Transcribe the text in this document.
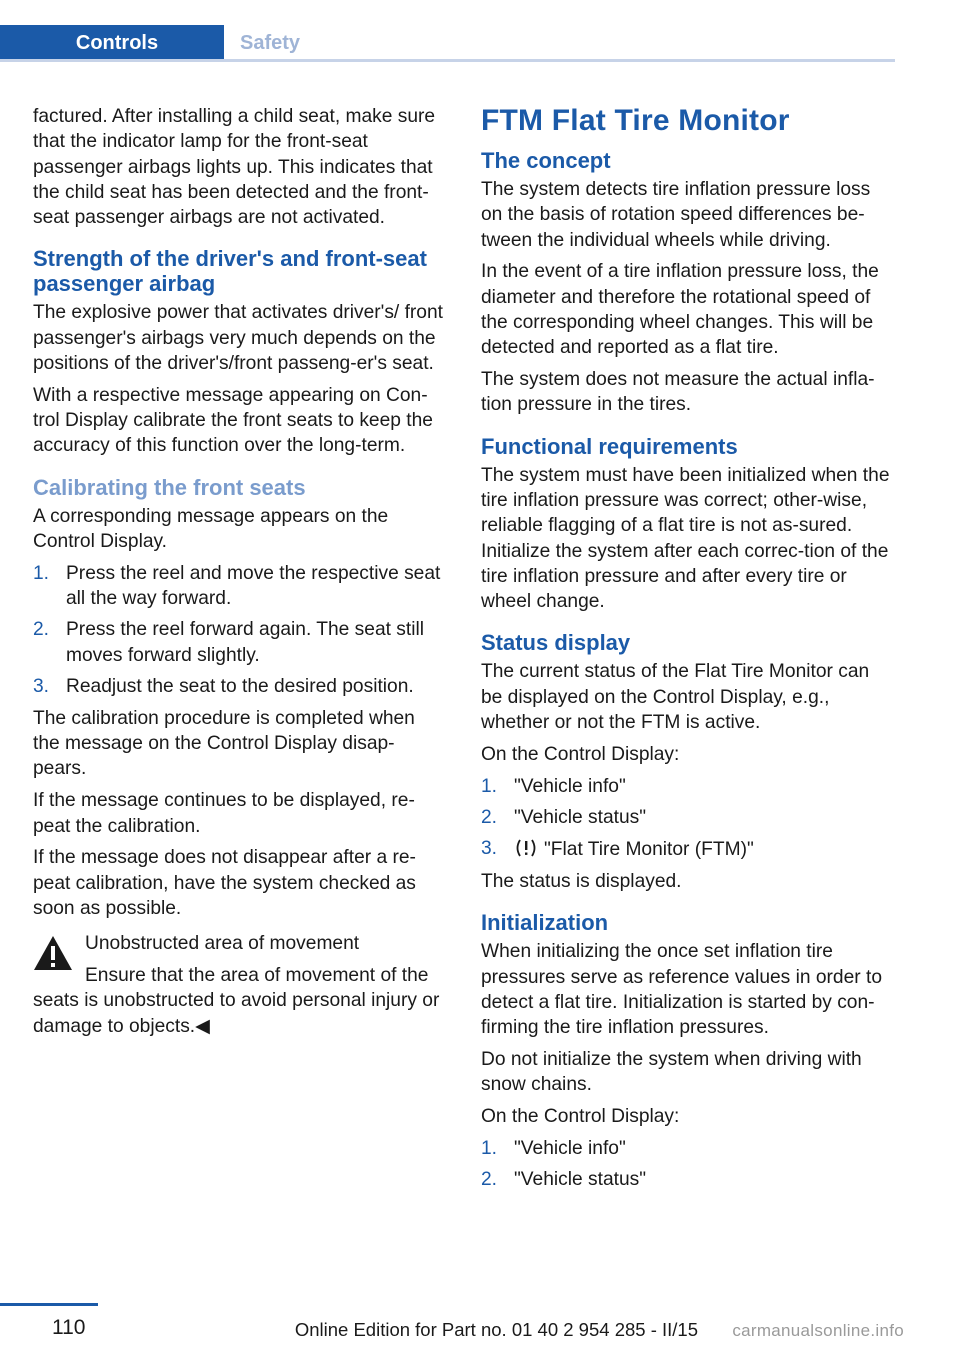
Controls	Safety

factured. After installing a child seat, make sure that the indicator lamp for the front-seat passenger airbags lights up. This indicates that the child seat has been detected and the front-seat passenger airbags are not activated.

Strength of the driver's and front-seat passenger airbag

The explosive power that activates driver's/ front passenger's airbags very much depends on the positions of the driver's/front passeng-er's seat.

With a respective message appearing on Con-trol Display calibrate the front seats to keep the accuracy of this function over the long-term.

Calibrating the front seats

A corresponding message appears on the Control Display.

1. Press the reel and move the respective seat all the way forward.
2. Press the reel forward again. The seat still moves forward slightly.
3. Readjust the seat to the desired position.

The calibration procedure is completed when the message on the Control Display disap-pears.

If the message continues to be displayed, re-peat the calibration.

If the message does not disappear after a re-peat calibration, have the system checked as soon as possible.

Unobstructed area of movement

Ensure that the area of movement of the seats is unobstructed to avoid personal injury or damage to objects.◀

FTM Flat Tire Monitor
The concept

The system detects tire inflation pressure loss on the basis of rotation speed differences be-tween the individual wheels while driving.

In the event of a tire inflation pressure loss, the diameter and therefore the rotational speed of the corresponding wheel changes. This will be detected and reported as a flat tire.

The system does not measure the actual infla-tion pressure in the tires.

Functional requirements

The system must have been initialized when the tire inflation pressure was correct; other-wise, reliable flagging of a flat tire is not as-sured. Initialize the system after each correc-tion of the tire inflation pressure and after every tire or wheel change.

Status display

The current status of the Flat Tire Monitor can be displayed on the Control Display, e.g., whether or not the FTM is active.

On the Control Display:

1. "Vehicle info"
2. "Vehicle status"
3. "Flat Tire Monitor (FTM)"

The status is displayed.

Initialization

When initializing the once set inflation tire pressures serve as reference values in order to detect a flat tire. Initialization is started by con-firming the tire inflation pressures.

Do not initialize the system when driving with snow chains.

On the Control Display:

1. "Vehicle info"
2. "Vehicle status"
110	Online Edition for Part no. 01 40 2 954 285 - II/15 carmanualsonline.info
